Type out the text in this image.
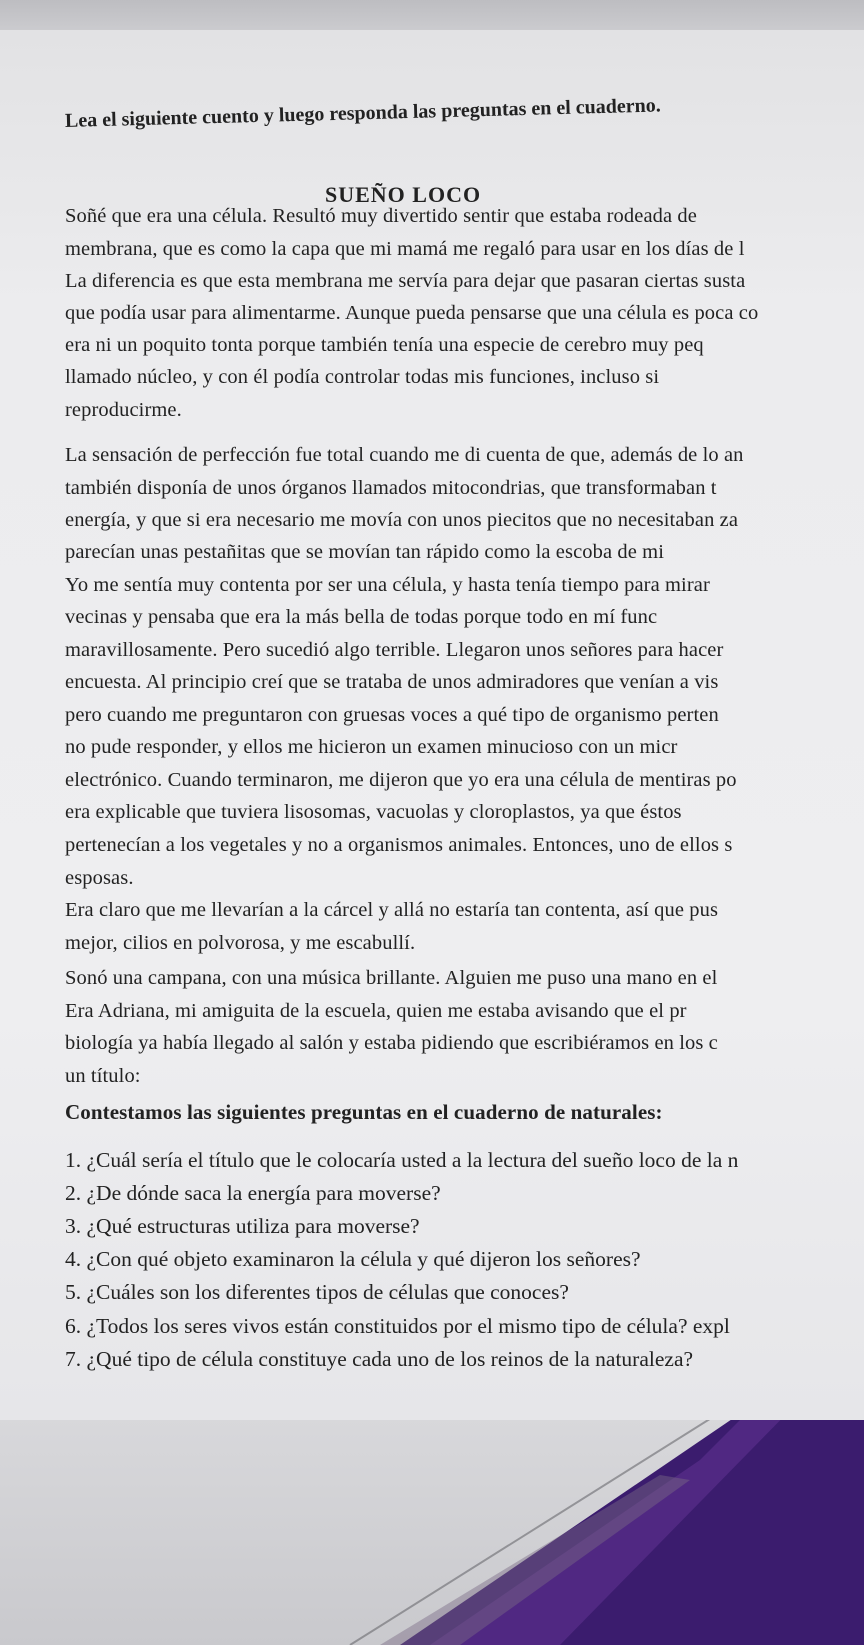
Lea el siguiente cuento y luego responda las preguntas en el cuaderno.
SUEÑO LOCO
Soñé que era una célula. Resultó muy divertido sentir que estaba rodeada de
membrana, que es como la capa que mi mamá me regaló para usar en los días de l
La diferencia es que esta membrana me servía para dejar que pasaran ciertas susta
que podía usar para alimentarme. Aunque pueda pensarse que una célula es poca co
era ni un poquito tonta porque también tenía una especie de cerebro muy peq
llamado núcleo, y con él podía controlar todas mis funciones, incluso si
reproducirme.
La sensación de perfección fue total cuando me di cuenta de que, además de lo an
también disponía de unos órganos llamados mitocondrias, que transformaban t
energía, y que si era necesario me movía con unos piecitos que no necesitaban za
parecían unas pestañitas que se movían tan rápido como la escoba de mi
Yo me sentía muy contenta por ser una célula, y hasta tenía tiempo para mirar
vecinas y pensaba que era la más bella de todas porque todo en mí func
maravillosamente. Pero sucedió algo terrible. Llegaron unos señores para hacer
encuesta. Al principio creí que se trataba de unos admiradores que venían a vis
pero cuando me preguntaron con gruesas voces a qué tipo de organismo perten
no pude responder, y ellos me hicieron un examen minucioso con un micr
electrónico. Cuando terminaron, me dijeron que yo era una célula de mentiras po
era explicable que tuviera lisosomas, vacuolas y cloroplastos, ya que éstos
pertenecían a los vegetales y no a organismos animales. Entonces, uno de ellos s
esposas.
Era claro que me llevarían a la cárcel y allá no estaría tan contenta, así que pus
mejor, cilios en polvorosa, y me escabullí.
Sonó una campana, con una música brillante. Alguien me puso una mano en el
Era Adriana, mi amiguita de la escuela, quien me estaba avisando que el pr
biología ya había llegado al salón y estaba pidiendo que escribiéramos en los c
un título:
Contestamos las siguientes preguntas en el cuaderno de naturales:
1. ¿Cuál sería el título que le colocaría usted a la lectura del sueño loco de la n
2. ¿De dónde saca la energía para moverse?
3. ¿Qué estructuras utiliza para moverse?
4. ¿Con qué objeto examinaron la célula y qué dijeron los señores?
5. ¿Cuáles son los diferentes tipos de células que conoces?
6. ¿Todos los seres vivos están constituidos por el mismo tipo de célula? expl
7. ¿Qué tipo de célula constituye cada uno de los reinos de la naturaleza?
